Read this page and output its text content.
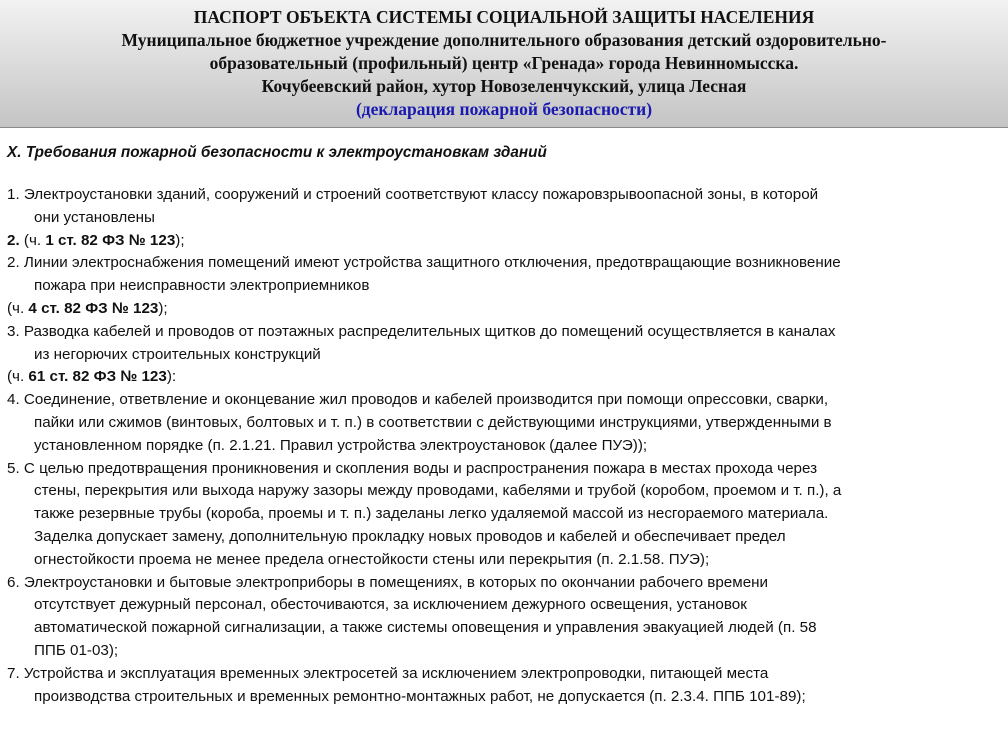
ПАСПОРТ ОБЪЕКТА СИСТЕМЫ СОЦИАЛЬНОЙ ЗАЩИТЫ НАСЕЛЕНИЯ
Муниципальное бюджетное учреждение дополнительного образования детский оздоровительно-
образовательный (профильный) центр «Гренада» города Невинномысска.
Кочубеевский район, хутор Новозеленчукский, улица Лесная
(декларация пожарной безопасности)
X. Требования пожарной безопасности к электроустановкам зданий
1. Электроустановки зданий, сооружений и строений соответствуют классу пожаровзрывоопасной зоны, в которой
они установлены
2. (ч. 1 ст. 82 ФЗ № 123);
2. Линии электроснабжения помещений имеют устройства защитного отключения, предотвращающие возникновение
пожара при неисправности электроприемников
(ч. 4 ст. 82 ФЗ № 123);
3. Разводка кабелей и проводов от поэтажных распределительных щитков до помещений осуществляется в каналах
из негорючих строительных конструкций
(ч. 61 ст. 82 ФЗ № 123):
4. Соединение, ответвление и оконцевание жил проводов и кабелей производится при помощи опрессовки, сварки,
пайки или сжимов (винтовых, болтовых и т. п.) в соответствии с действующими инструкциями, утвержденными в
установленном порядке (п. 2.1.21. Правил устройства электроустановок (далее ПУЭ));
5. С целью предотвращения проникновения и скопления воды и распространения пожара в местах прохода через
стены, перекрытия или выхода наружу зазоры между проводами, кабелями и трубой (коробом, проемом и т. п.), а
также резервные трубы (короба, проемы и т. п.) заделаны легко удаляемой массой из несгораемого материала.
Заделка допускает замену, дополнительную прокладку новых проводов и кабелей и обеспечивает предел
огнестойкости проема не менее предела огнестойкости стены или перекрытия (п. 2.1.58. ПУЭ);
6. Электроустановки и бытовые электроприборы в помещениях, в которых по окончании рабочего времени
отсутствует дежурный персонал, обесточиваются, за исключением дежурного освещения, установок
автоматической пожарной сигнализации, а также системы оповещения и управления эвакуацией людей (п. 58
ППБ 01-03);
7. Устройства и эксплуатация временных электросетей за исключением электропроводки, питающей места
производства строительных и временных ремонтно-монтажных работ, не допускается (п. 2.3.4. ППБ 101-89);
